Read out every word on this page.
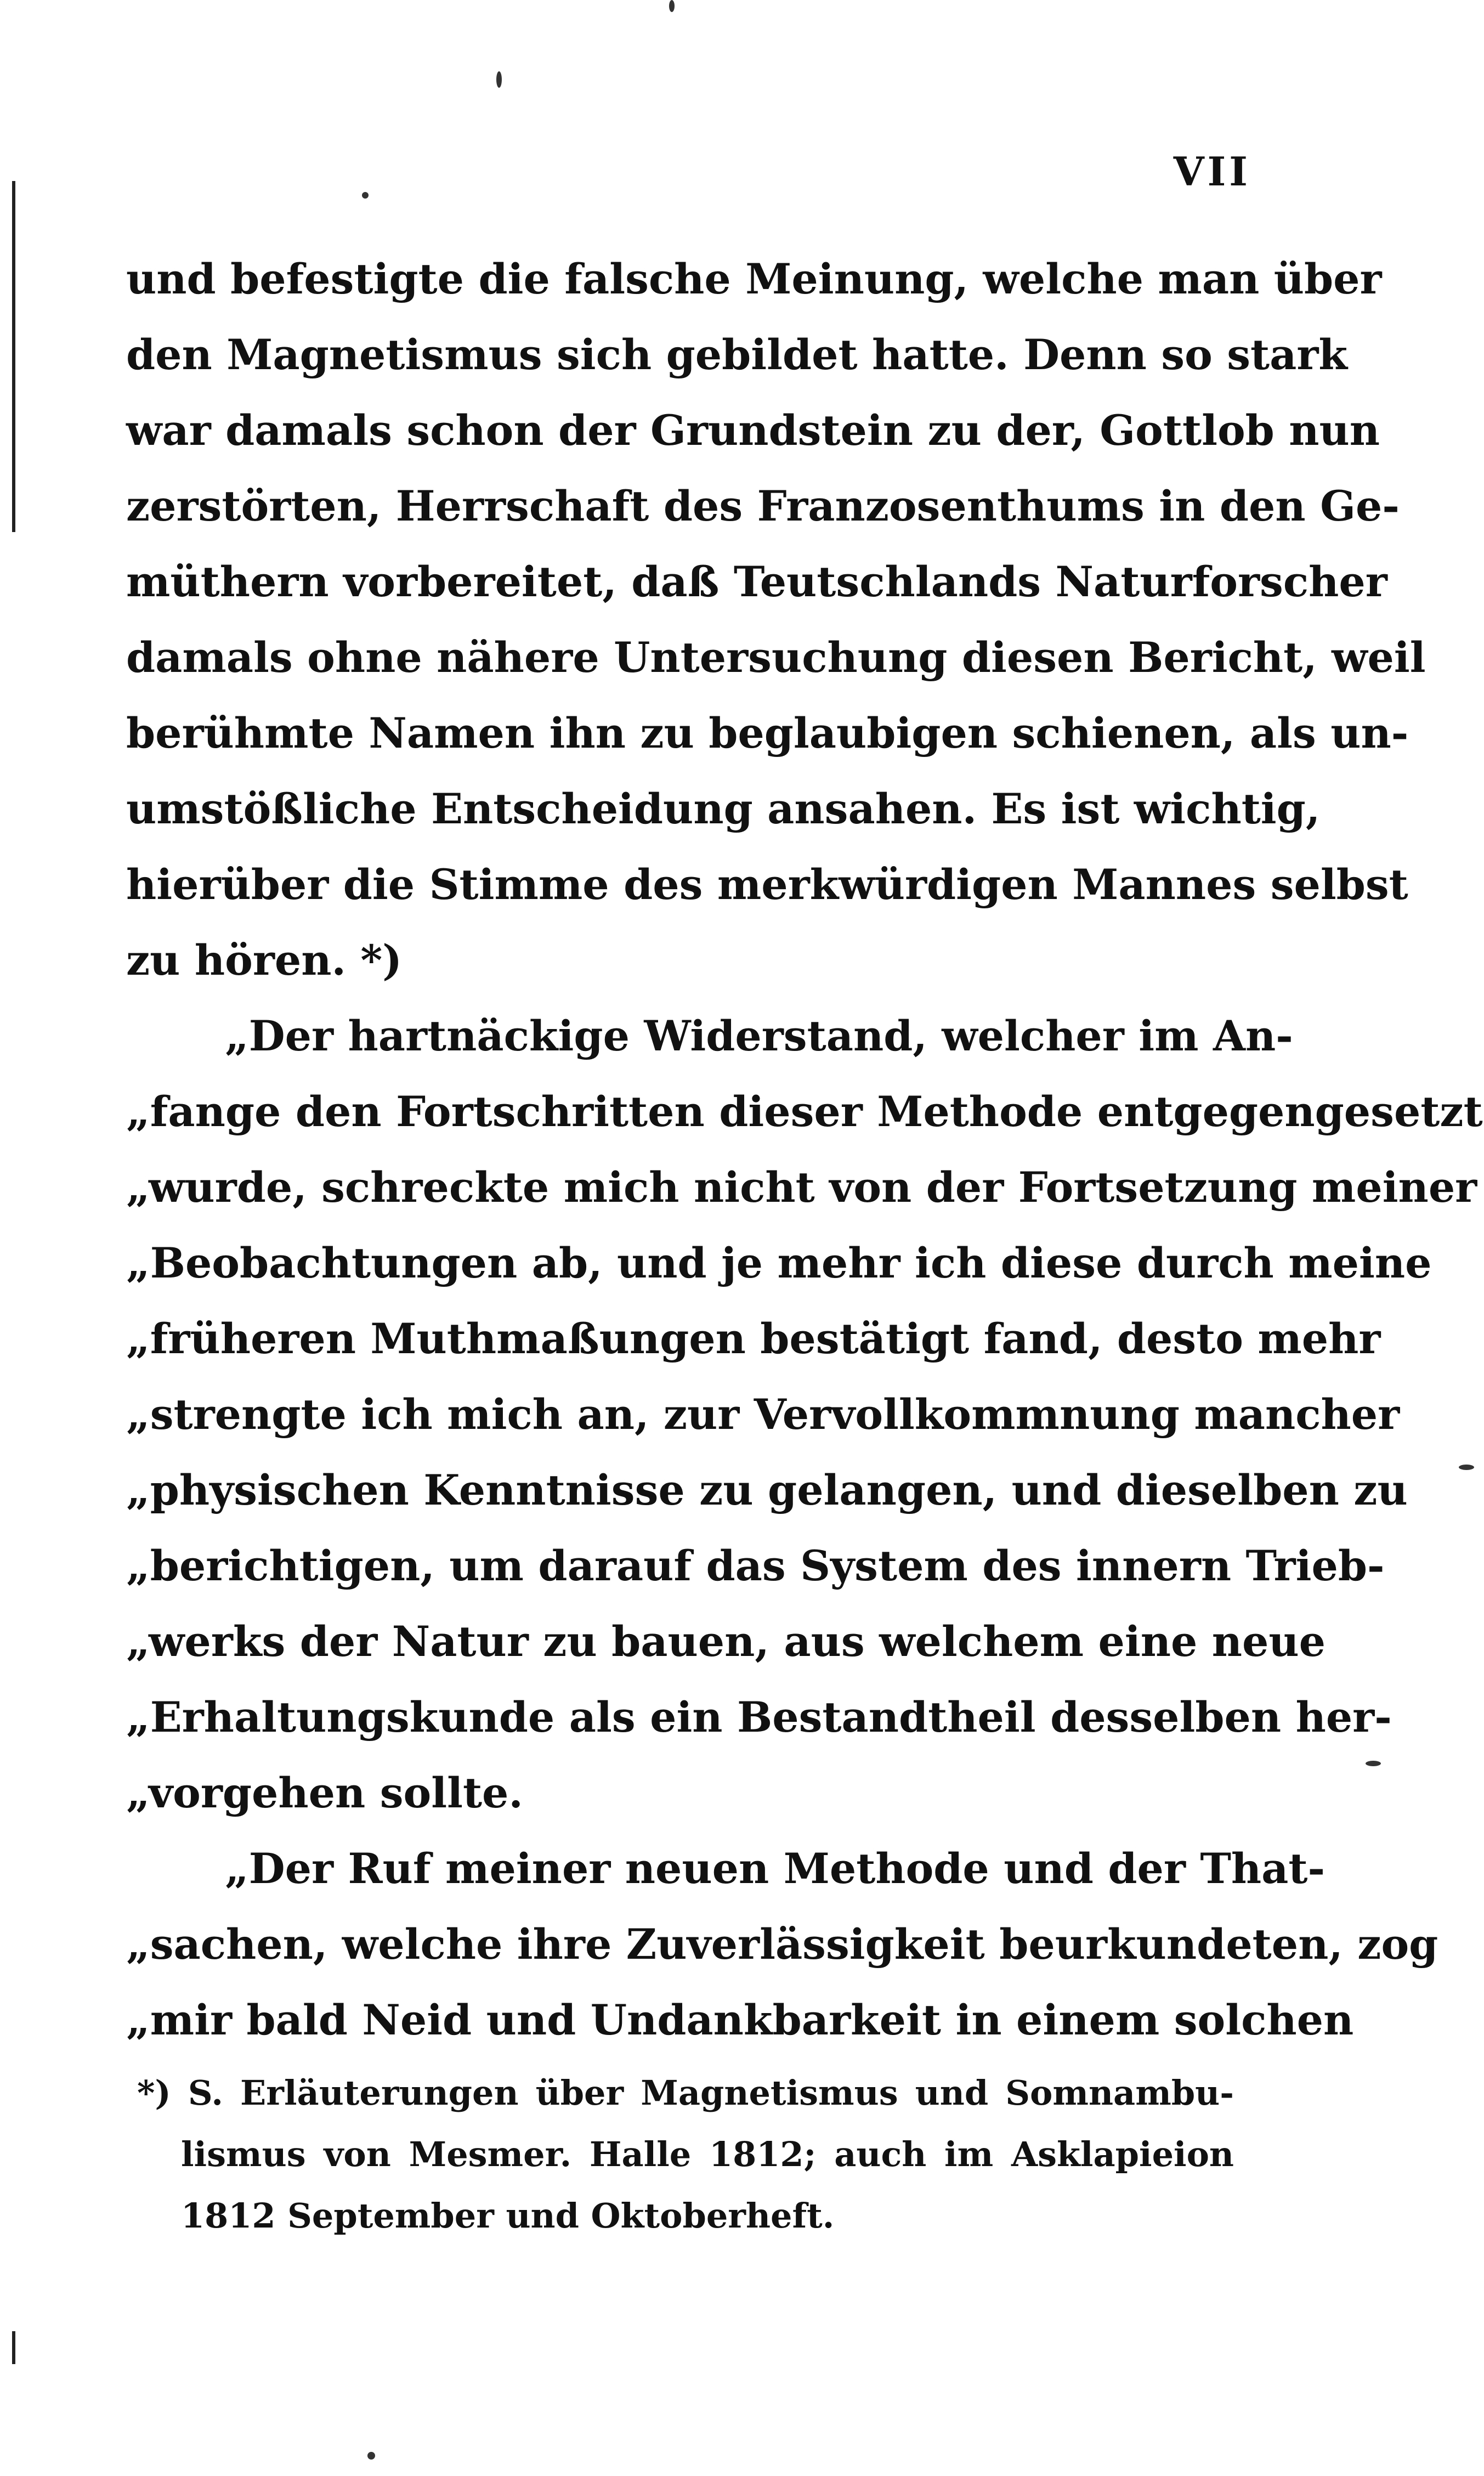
VII
und befestigte die falsche Meinung, welche man über
den Magnetismus sich gebildet hatte. Denn so stark
war damals schon der Grundstein zu der, Gottlob nun
zerstörten, Herrschaft des Franzosenthums in den Ge-
müthern vorbereitet, daß Teutschlands Naturforscher
damals ohne nähere Untersuchung diesen Bericht, weil
berühmte Namen ihn zu beglaubigen schienen, als un-
umstößliche Entscheidung ansahen. Es ist wichtig,
hierüber die Stimme des merkwürdigen Mannes selbst
zu hören. *)
„Der hartnäckige Widerstand, welcher im An-
„fange den Fortschritten dieser Methode entgegengesetzt
„wurde, schreckte mich nicht von der Fortsetzung meiner
„Beobachtungen ab, und je mehr ich diese durch meine
„früheren Muthmaßungen bestätigt fand, desto mehr
„strengte ich mich an, zur Vervollkommnung mancher
„physischen Kenntnisse zu gelangen, und dieselben zu
„berichtigen, um darauf das System des innern Trieb-
„werks der Natur zu bauen, aus welchem eine neue
„Erhaltungskunde als ein Bestandtheil desselben her-
„vorgehen sollte.
„Der Ruf meiner neuen Methode und der That-
„sachen, welche ihre Zuverlässigkeit beurkundeten, zog
„mir bald Neid und Undankbarkeit in einem solchen
*) S. Erläuterungen über Magnetismus und Somnambu-
lismus von Mesmer. Halle 1812; auch im Asklapieion
1812 September und Oktoberheft.
